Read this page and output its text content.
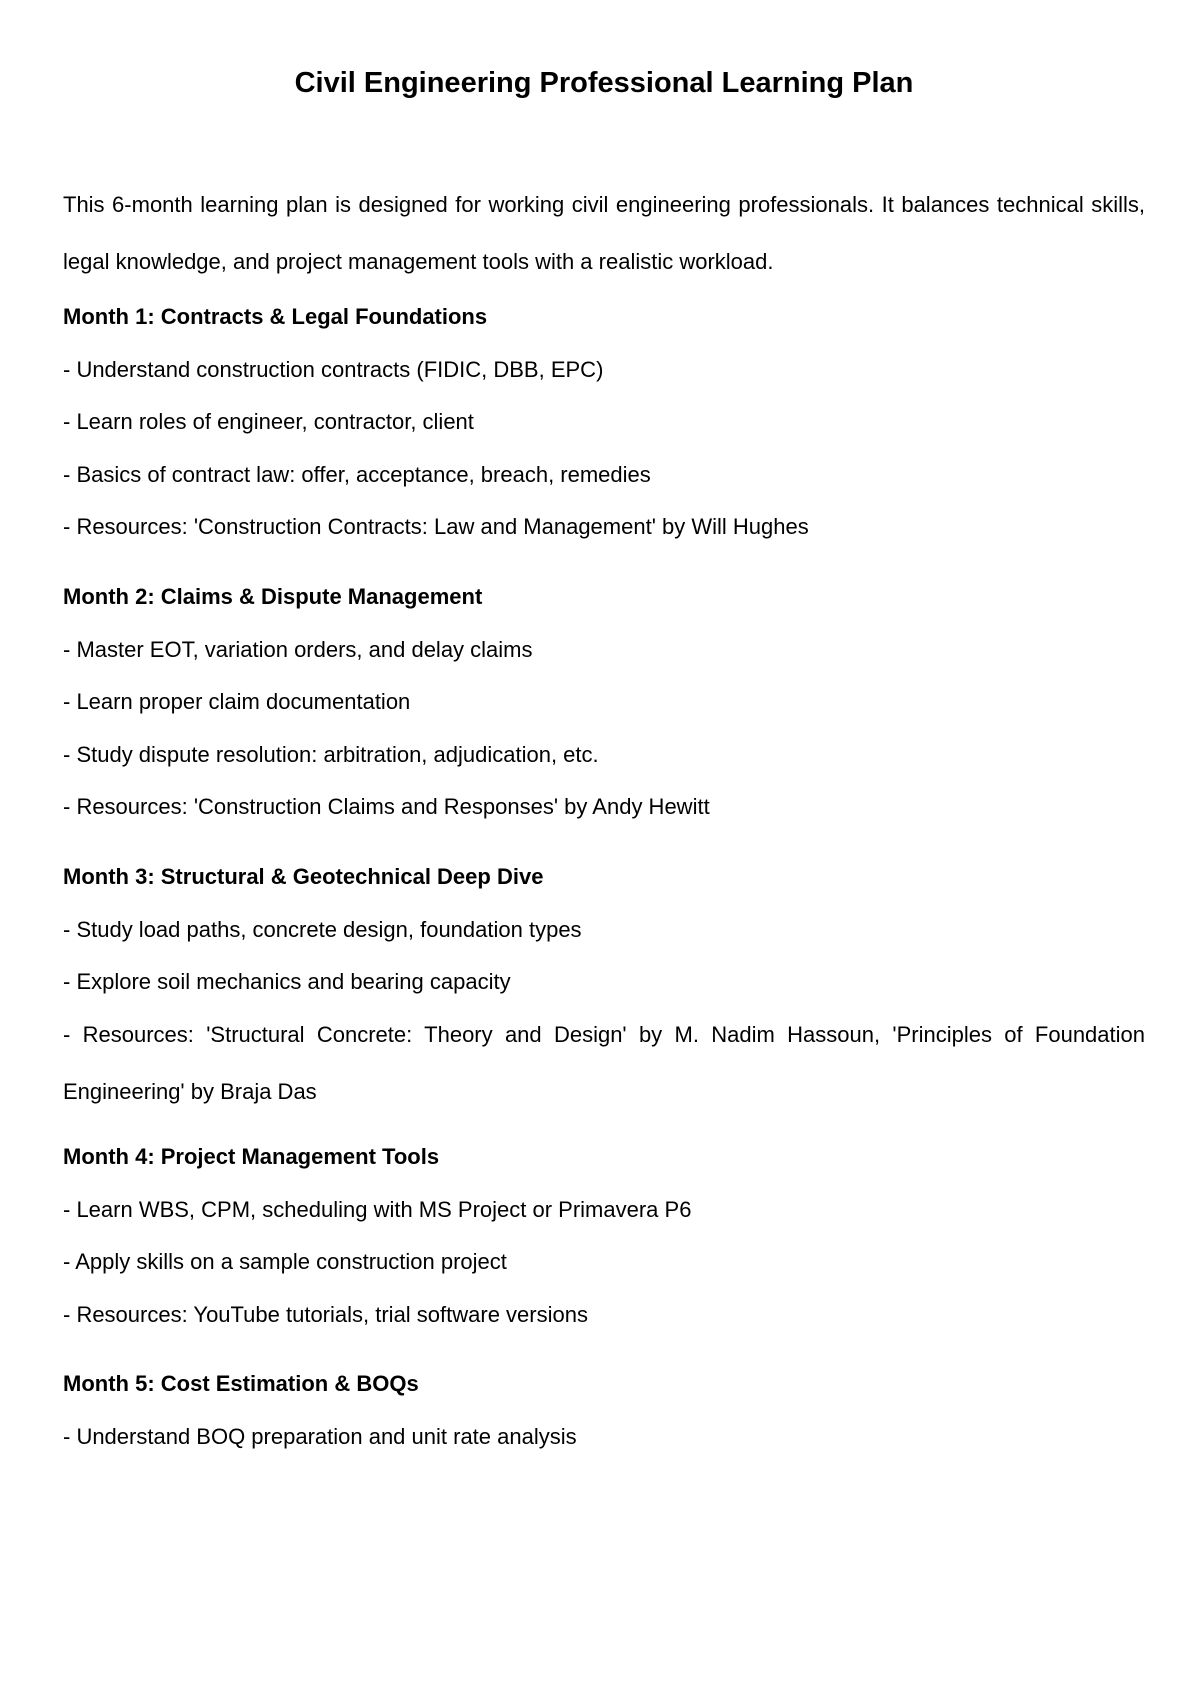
Civil Engineering Professional Learning Plan

This 6-month learning plan is designed for working civil engineering professionals. It balances technical skills, legal knowledge, and project management tools with a realistic workload.

Month 1: Contracts & Legal Foundations

- Understand construction contracts (FIDIC, DBB, EPC)

- Learn roles of engineer, contractor, client

- Basics of contract law: offer, acceptance, breach, remedies

- Resources: 'Construction Contracts: Law and Management' by Will Hughes

Month 2: Claims & Dispute Management

- Master EOT, variation orders, and delay claims

- Learn proper claim documentation

- Study dispute resolution: arbitration, adjudication, etc.

- Resources: 'Construction Claims and Responses' by Andy Hewitt

Month 3: Structural & Geotechnical Deep Dive

- Study load paths, concrete design, foundation types

- Explore soil mechanics and bearing capacity

- Resources: 'Structural Concrete: Theory and Design' by M. Nadim Hassoun, 'Principles of Foundation Engineering' by Braja Das

Month 4: Project Management Tools

- Learn WBS, CPM, scheduling with MS Project or Primavera P6

- Apply skills on a sample construction project

- Resources: YouTube tutorials, trial software versions

Month 5: Cost Estimation & BOQs

- Understand BOQ preparation and unit rate analysis
